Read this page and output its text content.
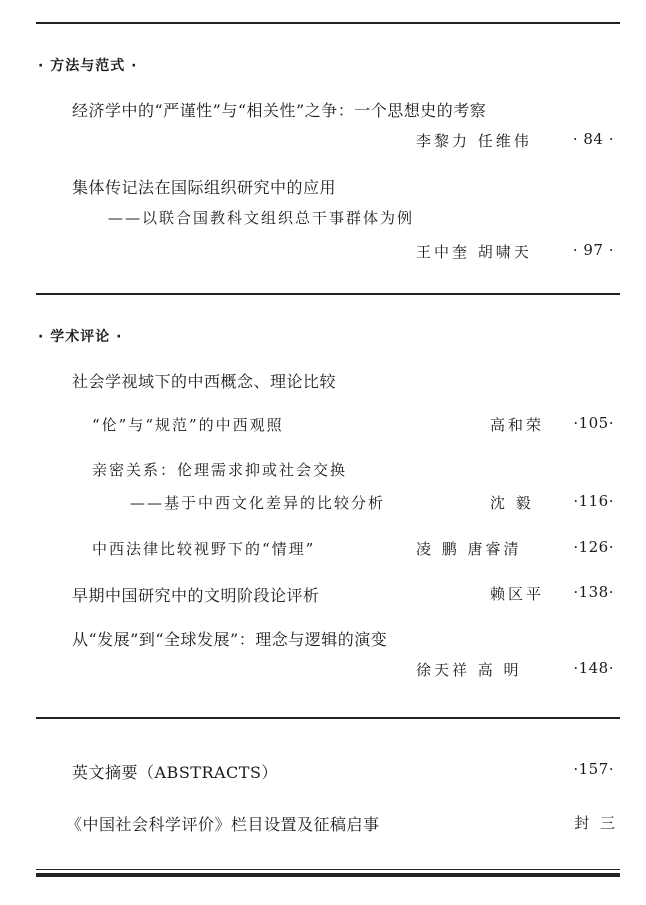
· 方法与范式 ·
经济学中的“严谨性”与“相关性”之争：一个思想史的考察
李黎力 任维伟	· 84 ·
集体传记法在国际组织研究中的应用
——以联合国教科文组织总干事群体为例
王中奎 胡啸天	· 97 ·
· 学术评论 ·
社会学视域下的中西概念、理论比较
“伦”与“规范”的中西观照	高和荣 ·105·
亲密关系：伦理需求抑或社会交换
——基于中西文化差异的比较分析	沈 毅	·116·
中西法律比较视野下的“情理”	凌 鹏 唐睿清	·126·
早期中国研究中的文明阶段论评析	赖区平 ·138·
从“发展”到“全球发展”：理念与逻辑的演变
徐天祥 高 明	·148·
英文摘要（ABSTRACTS）	·157·
《中国社会科学评价》栏目设置及征稿启事	封 三
